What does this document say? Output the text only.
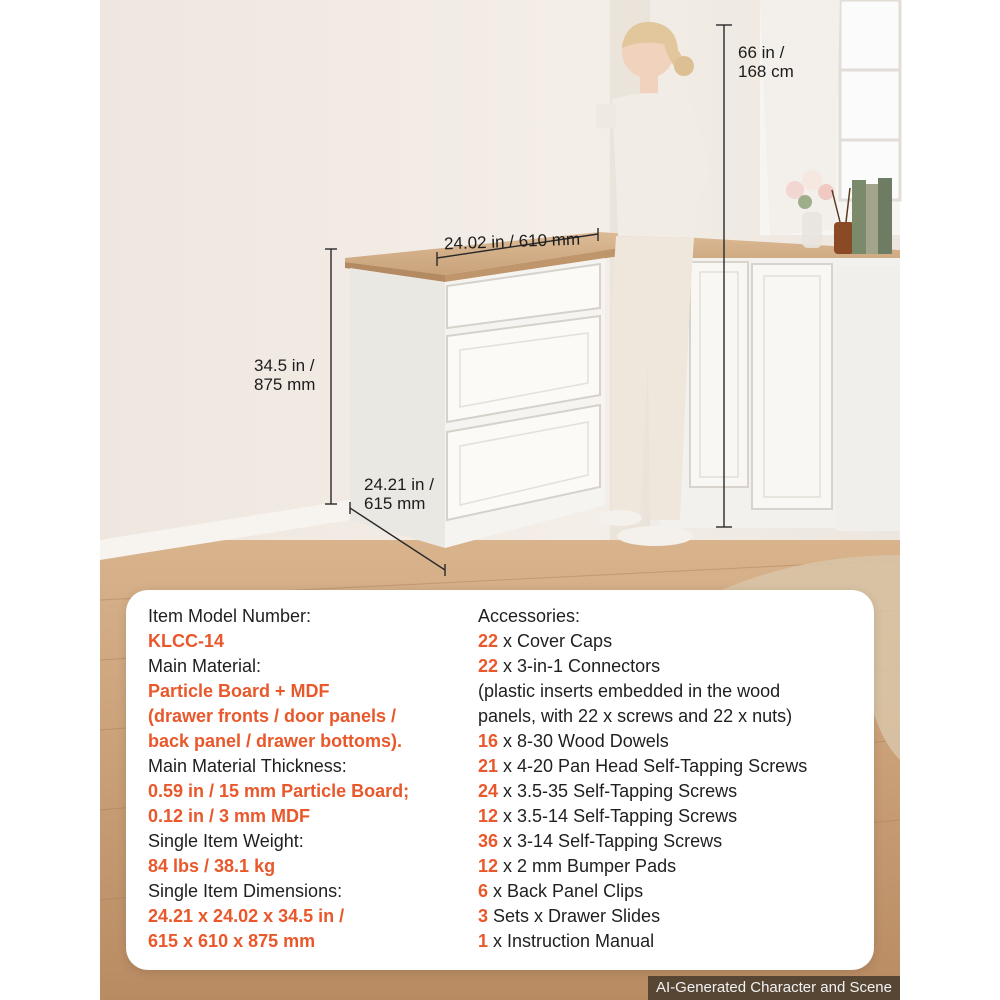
24.02 in / 610 mm
34.5 in /
875 mm
24.21 in /
615 mm
66 in /
168 cm
Item Model Number:
KLCC-14
Main Material:
Particle Board + MDF
(drawer fronts / door panels /
back panel / drawer bottoms).
Main Material Thickness:
0.59 in / 15 mm Particle Board;
0.12 in / 3 mm MDF
Single Item Weight:
84 lbs / 38.1 kg
Single Item Dimensions:
24.21 x 24.02 x 34.5 in /
615 x 610 x 875 mm
Accessories:
22 x Cover Caps
22 x 3-in-1 Connectors
(plastic inserts embedded in the wood
panels, with 22 x screws and 22 x nuts)
16 x 8-30 Wood Dowels
21 x 4-20 Pan Head Self-Tapping Screws
24 x 3.5-35 Self-Tapping Screws
12 x 3.5-14 Self-Tapping Screws
36 x 3-14 Self-Tapping Screws
12 x 2 mm Bumper Pads
6 x Back Panel Clips
3 Sets x Drawer Slides
1 x Instruction Manual
AI-Generated Character and Scene
